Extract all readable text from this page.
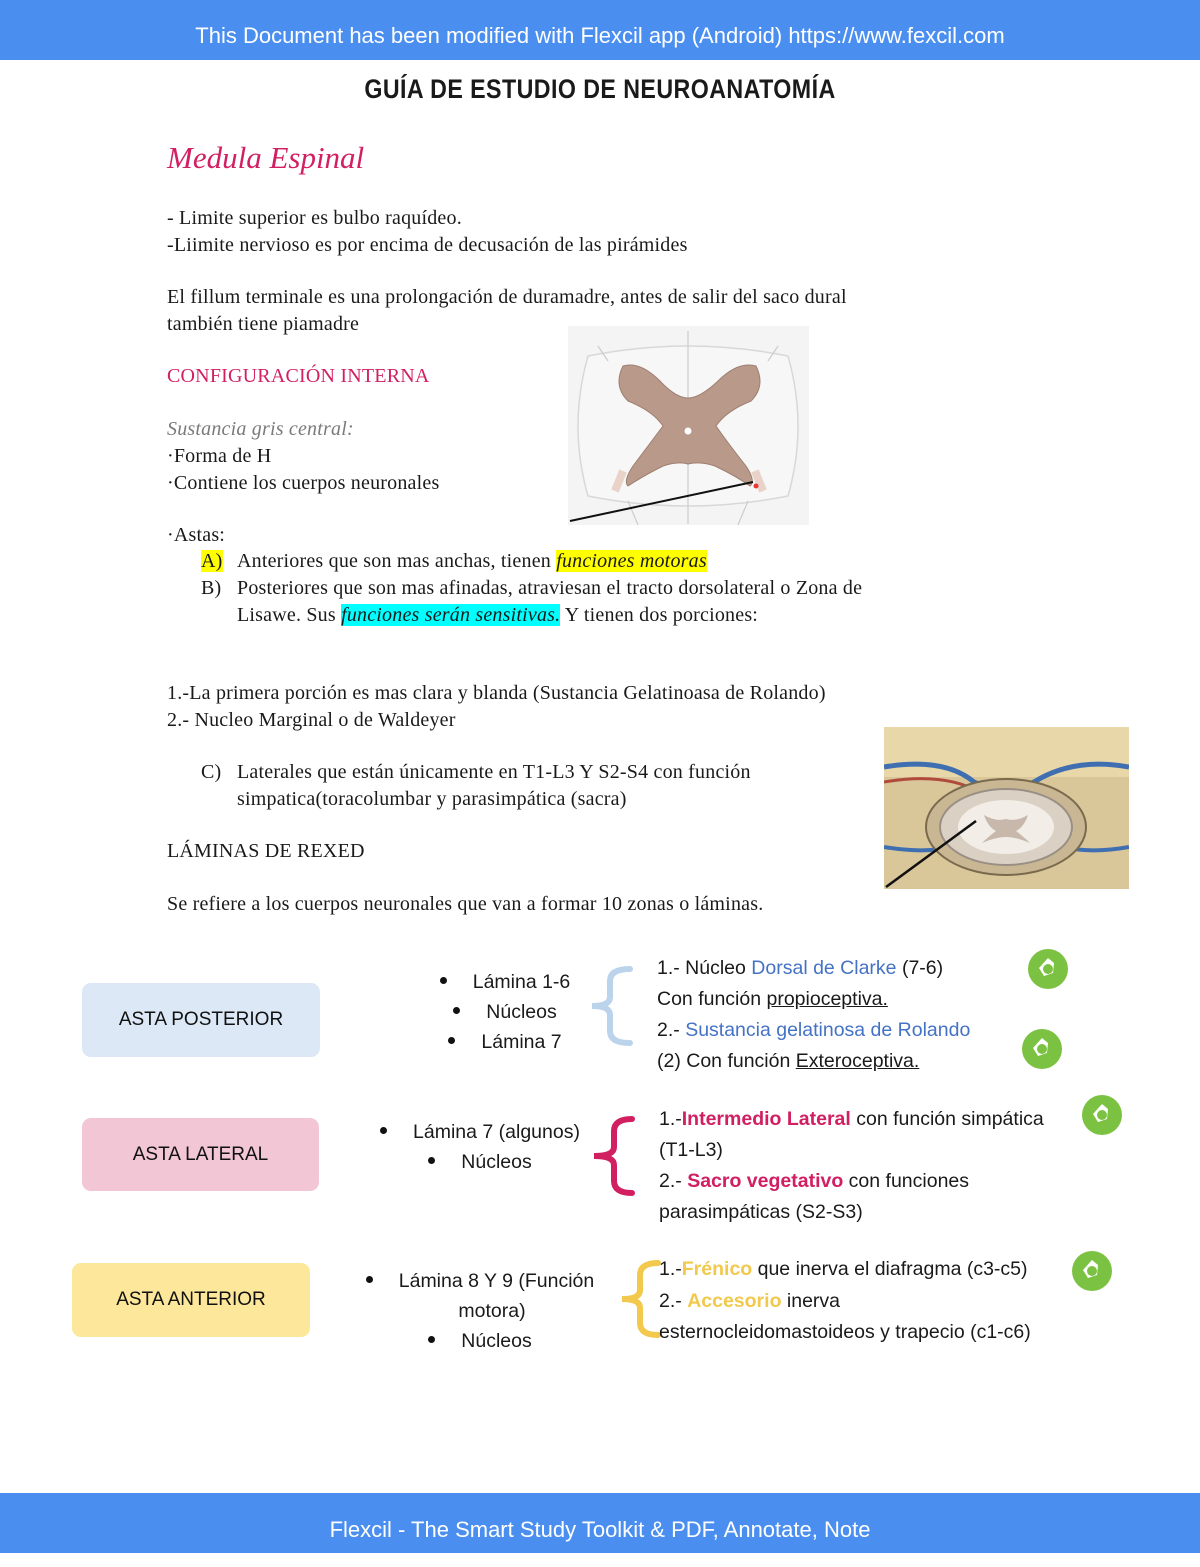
This Document has been modified with Flexcil app (Android) https://www.fexcil.com
GUÍA DE ESTUDIO DE NEUROANATOMÍA
Medula Espinal
- Limite superior es bulbo raquídeo.
-Liimite nervioso es por encima de decusación de las pirámides
El fillum terminale es una prolongación de duramadre, antes de salir del saco dural
también tiene piamadre
CONFIGURACIÓN INTERNA
Sustancia gris central:
·Forma de H
·Contiene los cuerpos neuronales
·Astas:
A) Anteriores que son mas anchas, tienen funciones motoras
B) Posteriores que son mas afinadas, atraviesan el tracto dorsolateral o Zona de
Lisawe. Sus funciones serán sensitivas. Y tienen dos porciones:
1.-La primera porción es mas clara y blanda (Sustancia Gelatinoasa de Rolando)
2.- Nucleo Marginal o de Waldeyer
C) Laterales que están únicamente en T1-L3 Y S2-S4 con función
simpatica(toracolumbar y parasimpática (sacra)
LÁMINAS DE REXED
Se refiere a los cuerpos neuronales que van a formar 10 zonas o láminas.
ASTA POSTERIOR
Lámina 1-6
Núcleos
Lámina 7
1.- Núcleo Dorsal de Clarke (7-6)
Con función propioceptiva.
2.- Sustancia gelatinosa de Rolando
(2) Con función Exteroceptiva.
ASTA LATERAL
Lámina 7 (algunos)
Núcleos
1.-Intermedio Lateral con función simpática
(T1-L3)
2.- Sacro vegetativo con funciones
parasimpáticas (S2-S3)
ASTA ANTERIOR
Lámina 8 Y 9 (Función
motora)
Núcleos
1.-Frénico que inerva el diafragma (c3-c5)
2.- Accesorio inerva
esternocleidomastoideos y trapecio (c1-c6)
Flexcil - The Smart Study Toolkit & PDF, Annotate, Note
